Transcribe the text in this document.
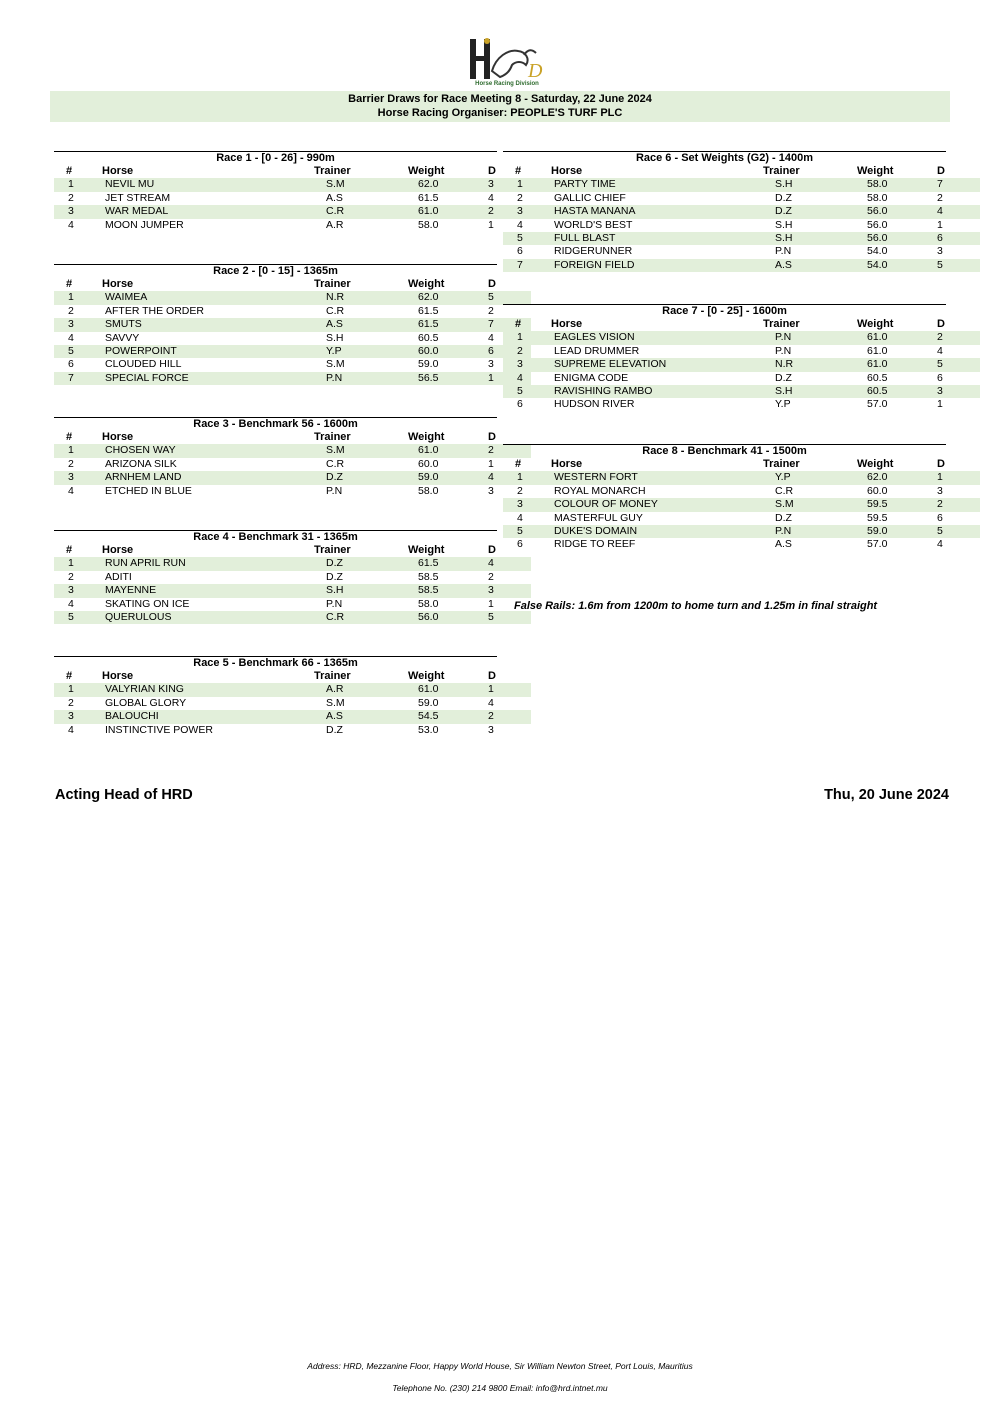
D
Horse Racing Division
Barrier Draws for Race Meeting 8 - Saturday, 22 June 2024
Horse Racing Organiser: PEOPLE'S TURF PLC
Race 1 - [0 - 26] - 990m
#	Horse	Trainer	Weight	D
1	NEVIL MU	S.M	62.0	3
2	JET STREAM	A.S	61.5	4
3	WAR MEDAL	C.R	61.0	2
4	MOON JUMPER	A.R	58.0	1
Race 2 - [0 - 15] - 1365m
#	Horse	Trainer	Weight	D
1	WAIMEA	N.R	62.0	5
2	AFTER THE ORDER	C.R	61.5	2
3	SMUTS	A.S	61.5	7
4	SAVVY	S.H	60.5	4
5	POWERPOINT	Y.P	60.0	6
6	CLOUDED HILL	S.M	59.0	3
7	SPECIAL FORCE	P.N	56.5	1
Race 3 - Benchmark 56 - 1600m
#	Horse	Trainer	Weight	D
1	CHOSEN WAY	S.M	61.0	2
2	ARIZONA SILK	C.R	60.0	1
3	ARNHEM LAND	D.Z	59.0	4
4	ETCHED IN BLUE	P.N	58.0	3
Race 4 - Benchmark 31 - 1365m
#	Horse	Trainer	Weight	D
1	RUN APRIL RUN	D.Z	61.5	4
2	ADITI	D.Z	58.5	2
3	MAYENNE	S.H	58.5	3
4	SKATING ON ICE	P.N	58.0	1
5	QUERULOUS	C.R	56.0	5
Race 5 - Benchmark 66 - 1365m
#	Horse	Trainer	Weight	D
1	VALYRIAN KING	A.R	61.0	1
2	GLOBAL GLORY	S.M	59.0	4
3	BALOUCHI	A.S	54.5	2
4	INSTINCTIVE POWER	D.Z	53.0	3
Race 6 - Set Weights (G2) - 1400m
#	Horse	Trainer	Weight	D
1	PARTY TIME	S.H	58.0	7
2	GALLIC CHIEF	D.Z	58.0	2
3	HASTA MANANA	D.Z	56.0	4
4	WORLD'S BEST	S.H	56.0	1
5	FULL BLAST	S.H	56.0	6
6	RIDGERUNNER	P.N	54.0	3
7	FOREIGN FIELD	A.S	54.0	5
Race 7 - [0 - 25] - 1600m
#	Horse	Trainer	Weight	D
1	EAGLES VISION	P.N	61.0	2
2	LEAD DRUMMER	P.N	61.0	4
3	SUPREME ELEVATION	N.R	61.0	5
4	ENIGMA CODE	D.Z	60.5	6
5	RAVISHING RAMBO	S.H	60.5	3
6	HUDSON RIVER	Y.P	57.0	1
Race 8 - Benchmark 41 - 1500m
#	Horse	Trainer	Weight	D
1	WESTERN FORT	Y.P	62.0	1
2	ROYAL MONARCH	C.R	60.0	3
3	COLOUR OF MONEY	S.M	59.5	2
4	MASTERFUL GUY	D.Z	59.5	6
5	DUKE'S DOMAIN	P.N	59.0	5
6	RIDGE TO REEF	A.S	57.0	4
False Rails: 1.6m from 1200m to home turn and 1.25m in final straight
Acting Head of HRD	Thu, 20 June 2024
Address: HRD, Mezzanine Floor, Happy World House, Sir William Newton Street, Port Louis, Mauritius
Telephone No. (230) 214 9800 Email: info@hrd.intnet.mu
